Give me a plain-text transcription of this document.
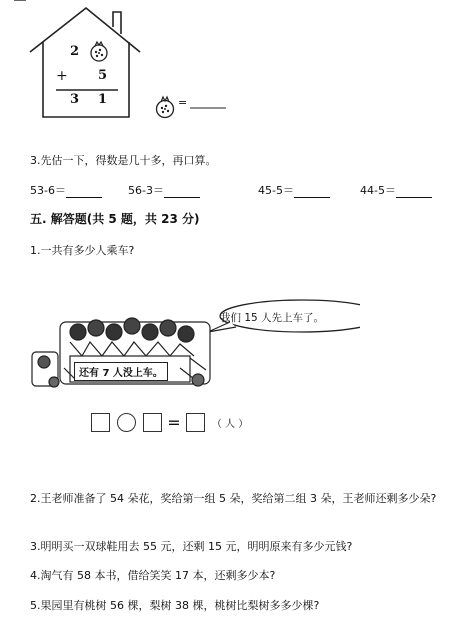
2
+ 5
3 1	=
3.先估一下，得数是几十多，再口算。
53-6＝	56-3＝	45-5＝	44-5＝
五. 解答题(共 5 题，共 23 分)
1.一共有多少人乘车?
我们 15 人先上车了。
还有 7 人没上车。
=	（ 人 ）
2.王老师准备了 54 朵花，奖给第一组 5 朵，奖给第二组 3 朵，王老师还剩多少朵?
3.明明买一双球鞋用去 55 元，还剩 15 元，明明原来有多少元钱?
4.淘气有 58 本书，借给笑笑 17 本，还剩多少本?
5.果园里有桃树 56 棵，梨树 38 棵，桃树比梨树多多少棵?
